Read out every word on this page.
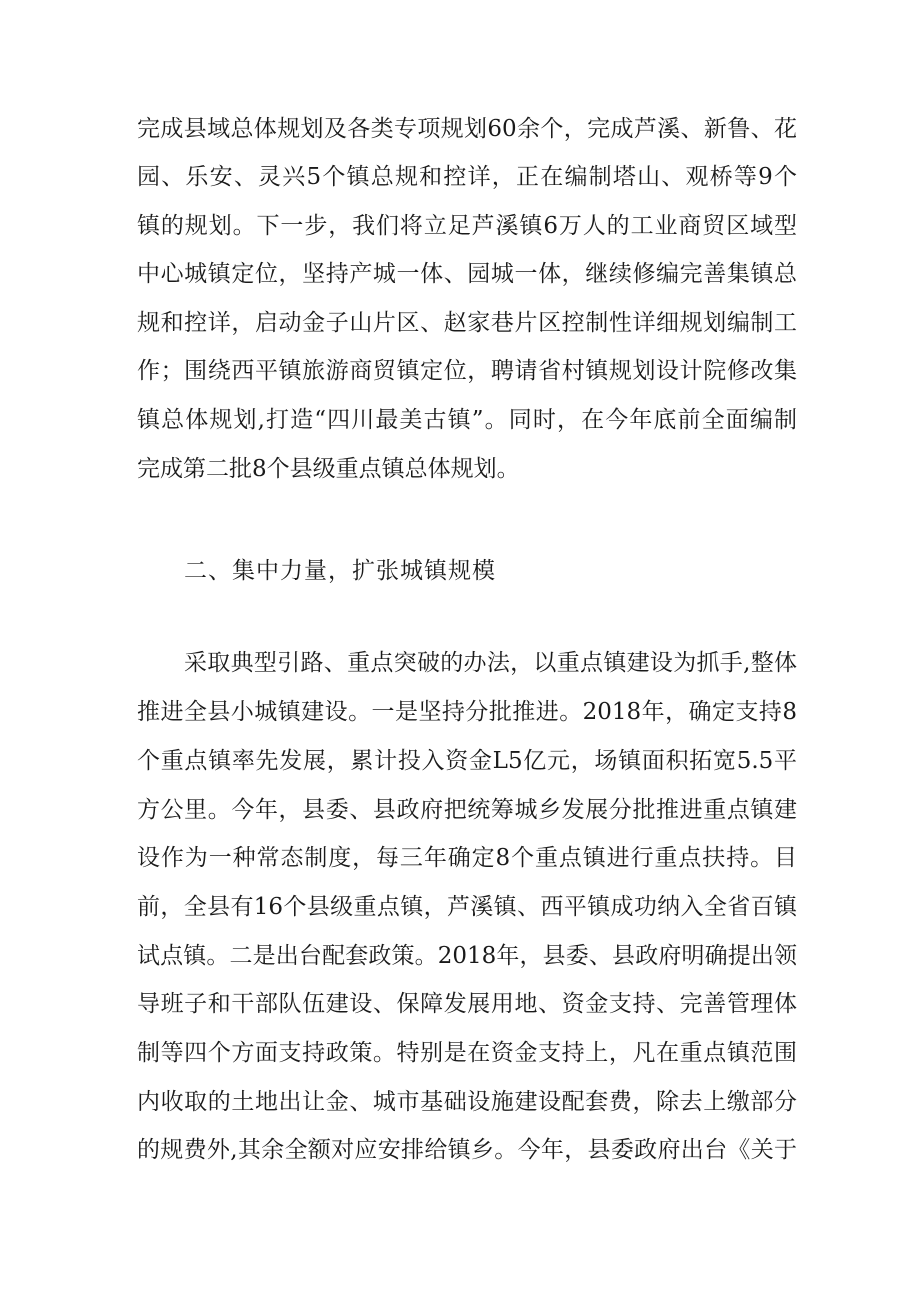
完成县域总体规划及各类专项规划60余个，完成芦溪、新鲁、花
园、乐安、灵兴5个镇总规和控详，正在编制塔山、观桥等9个
镇的规划。下一步，我们将立足芦溪镇6万人的工业商贸区域型
中心城镇定位，坚持产城一体、园城一体，继续修编完善集镇总
规和控详，启动金子山片区、赵家巷片区控制性详细规划编制工
作；围绕西平镇旅游商贸镇定位，聘请省村镇规划设计院修改集
镇总体规划,打造“四川最美古镇”。同时，在今年底前全面编制
完成第二批8个县级重点镇总体规划。
二、集中力量，扩张城镇规模
采取典型引路、重点突破的办法，以重点镇建设为抓手,整体
推进全县小城镇建设。一是坚持分批推进。2018年，确定支持8
个重点镇率先发展，累计投入资金L5亿元，场镇面积拓宽5.5平
方公里。今年，县委、县政府把统筹城乡发展分批推进重点镇建
设作为一种常态制度，每三年确定8个重点镇进行重点扶持。目
前，全县有16个县级重点镇，芦溪镇、西平镇成功纳入全省百镇
试点镇。二是出台配套政策。2018年，县委、县政府明确提出领
导班子和干部队伍建设、保障发展用地、资金支持、完善管理体
制等四个方面支持政策。特别是在资金支持上，凡在重点镇范围
内收取的土地出让金、城市基础设施建设配套费，除去上缴部分
的规费外,其余全额对应安排给镇乡。今年，县委政府出台《关于
